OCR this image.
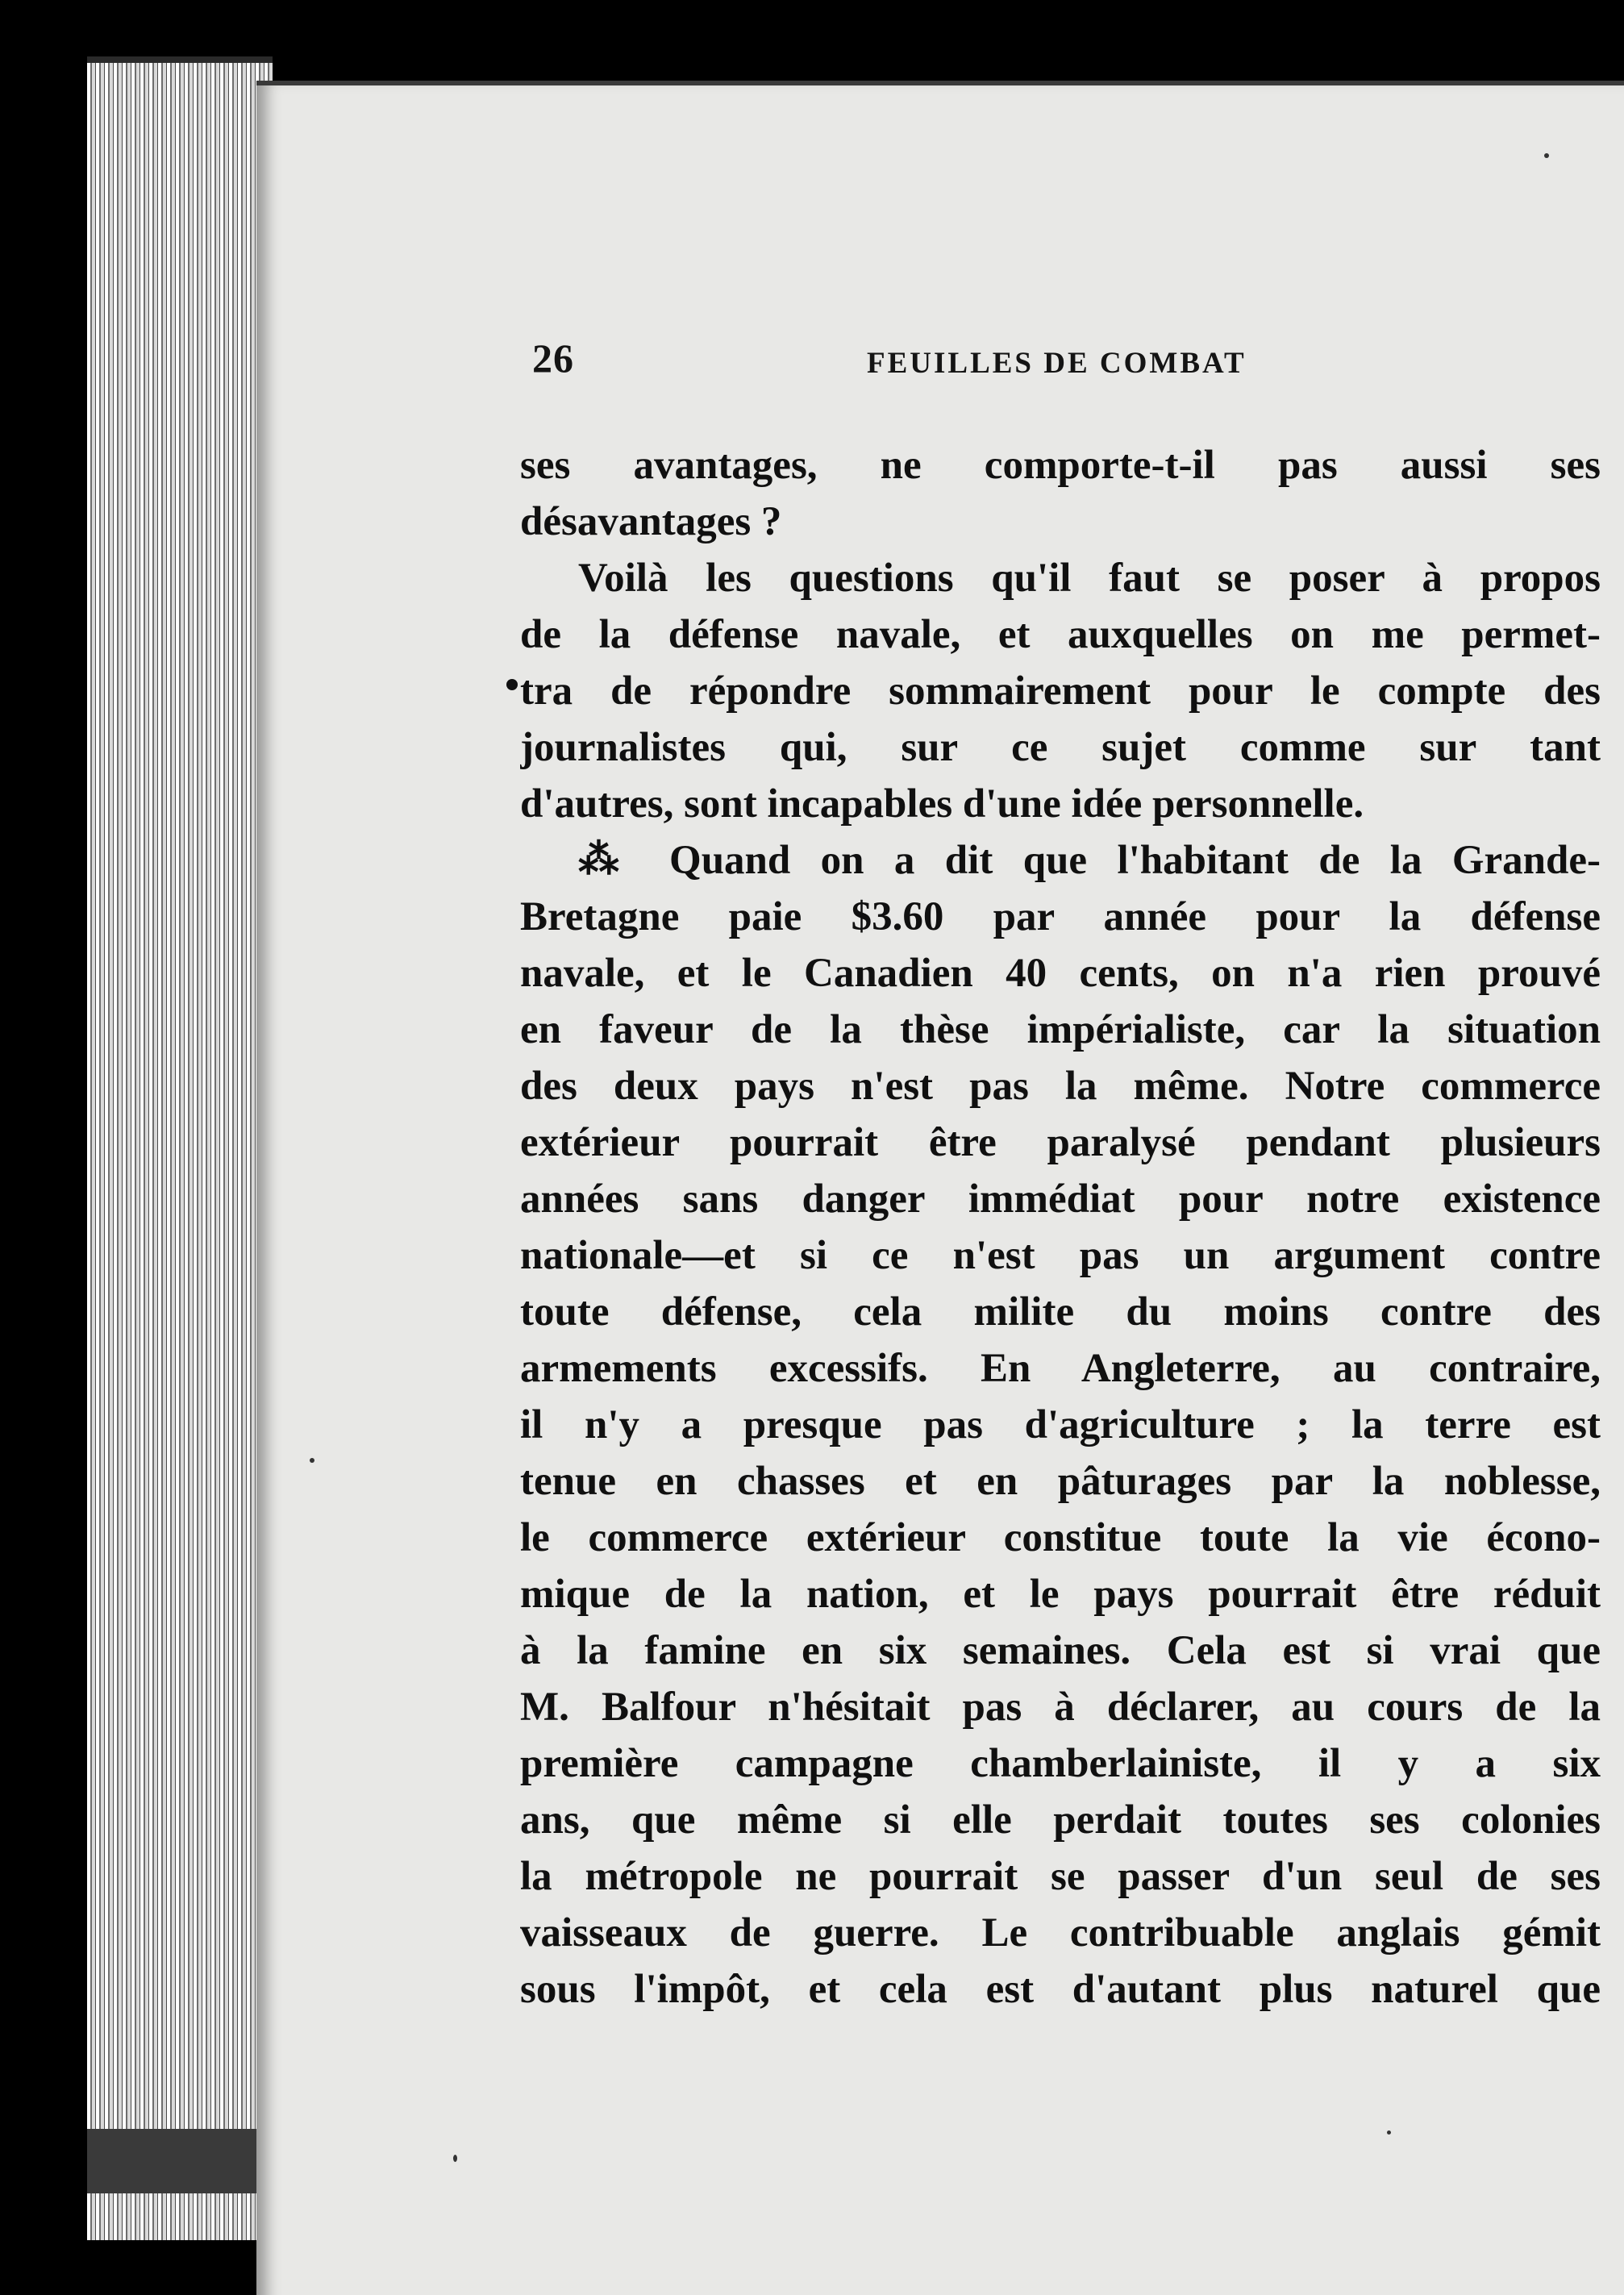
26	FEUILLES DE COMBAT
ses avantages, ne comporte-t-il pas aussi ses
désavantages ?
Voilà les questions qu'il faut se poser à propos
de la défense navale, et auxquelles on me permet-
tra de répondre sommairement pour le compte des
journalistes qui, sur ce sujet comme sur tant
d'autres, sont incapables d'une idée personnelle.
⁂ Quand on a dit que l'habitant de la Grande-
Bretagne paie $3.60 par année pour la défense
navale, et le Canadien 40 cents, on n'a rien prouvé
en faveur de la thèse impérialiste, car la situation
des deux pays n'est pas la même. Notre commerce
extérieur pourrait être paralysé pendant plusieurs
années sans danger immédiat pour notre existence
nationale—et si ce n'est pas un argument contre
toute défense, cela milite du moins contre des
armements excessifs. En Angleterre, au contraire,
il n'y a presque pas d'agriculture ; la terre est
tenue en chasses et en pâturages par la noblesse,
le commerce extérieur constitue toute la vie écono-
mique de la nation, et le pays pourrait être réduit
à la famine en six semaines. Cela est si vrai que
M. Balfour n'hésitait pas à déclarer, au cours de la
première campagne chamberlainiste, il y a six
ans, que même si elle perdait toutes ses colonies
la métropole ne pourrait se passer d'un seul de ses
vaisseaux de guerre. Le contribuable anglais gémit
sous l'impôt, et cela est d'autant plus naturel que
